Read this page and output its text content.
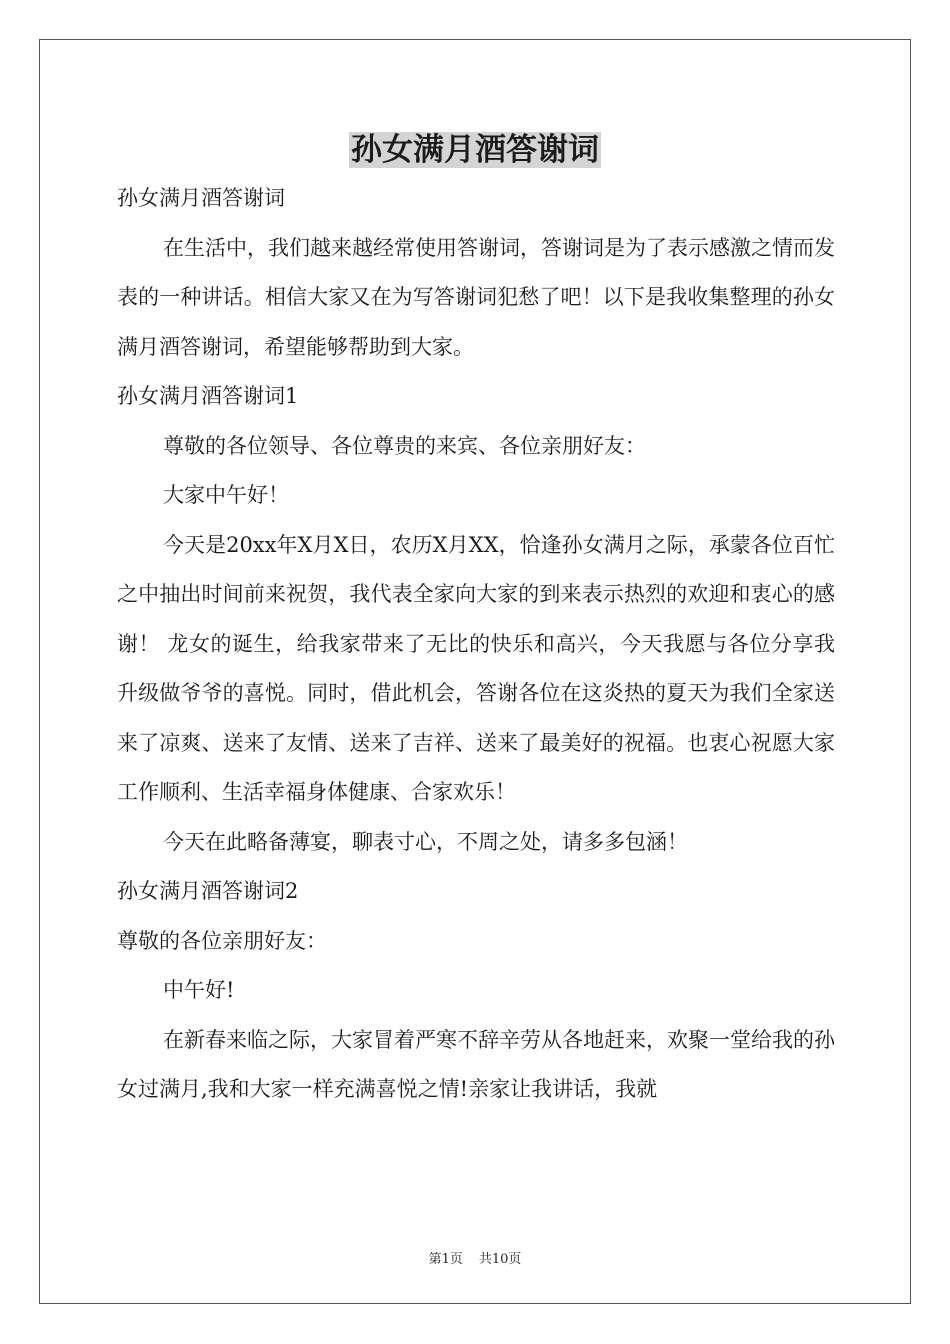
孙女满月酒答谢词

孙女满月酒答谢词

在生活中，我们越来越经常使用答谢词，答谢词是为了表示感激之情而发表的一种讲话。相信大家又在为写答谢词犯愁了吧！以下是我收集整理的孙女满月酒答谢词，希望能够帮助到大家。

孙女满月酒答谢词1

尊敬的各位领导、各位尊贵的来宾、各位亲朋好友：

大家中午好！

今天是20xx年X月X日，农历X月XX，恰逢孙女满月之际，承蒙各位百忙之中抽出时间前来祝贺，我代表全家向大家的到来表示热烈的欢迎和衷心的感谢！ 龙女的诞生，给我家带来了无比的快乐和高兴，今天我愿与各位分享我升级做爷爷的喜悦。同时，借此机会，答谢各位在这炎热的夏天为我们全家送来了凉爽、送来了友情、送来了吉祥、送来了最美好的祝福。也衷心祝愿大家工作顺利、生活幸福身体健康、合家欢乐！

今天在此略备薄宴，聊表寸心，不周之处，请多多包涵！

孙女满月酒答谢词2

尊敬的各位亲朋好友：

中午好!

在新春来临之际，大家冒着严寒不辞辛劳从各地赶来，欢聚一堂给我的孙女过满月,我和大家一样充满喜悦之情!亲家让我讲话，我就

第1页 共10页
